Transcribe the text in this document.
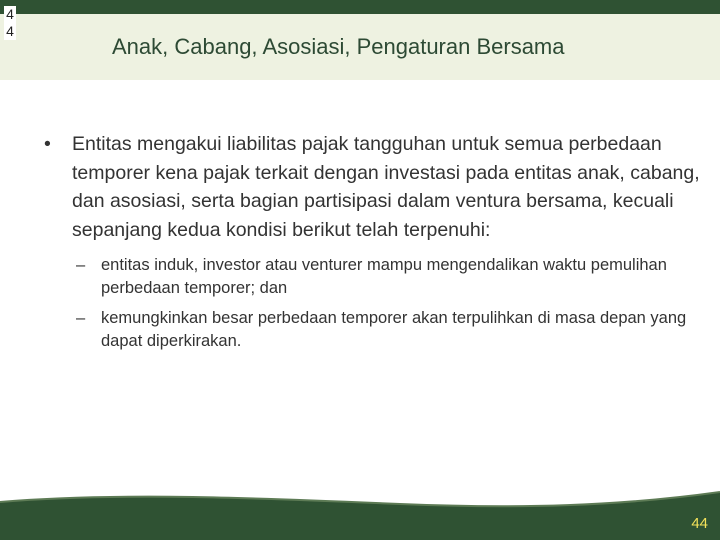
4
4
Anak, Cabang, Asosiasi, Pengaturan Bersama
• Entitas mengakui liabilitas pajak tangguhan untuk semua perbedaan temporer kena pajak terkait dengan investasi pada entitas anak, cabang, dan asosiasi, serta bagian partisipasi dalam ventura bersama, kecuali sepanjang kedua kondisi berikut telah terpenuhi:
– entitas induk, investor atau venturer mampu mengendalikan waktu pemulihan perbedaan temporer; dan
– kemungkinkan besar perbedaan temporer akan terpulihkan di masa depan yang dapat diperkirakan.
44
